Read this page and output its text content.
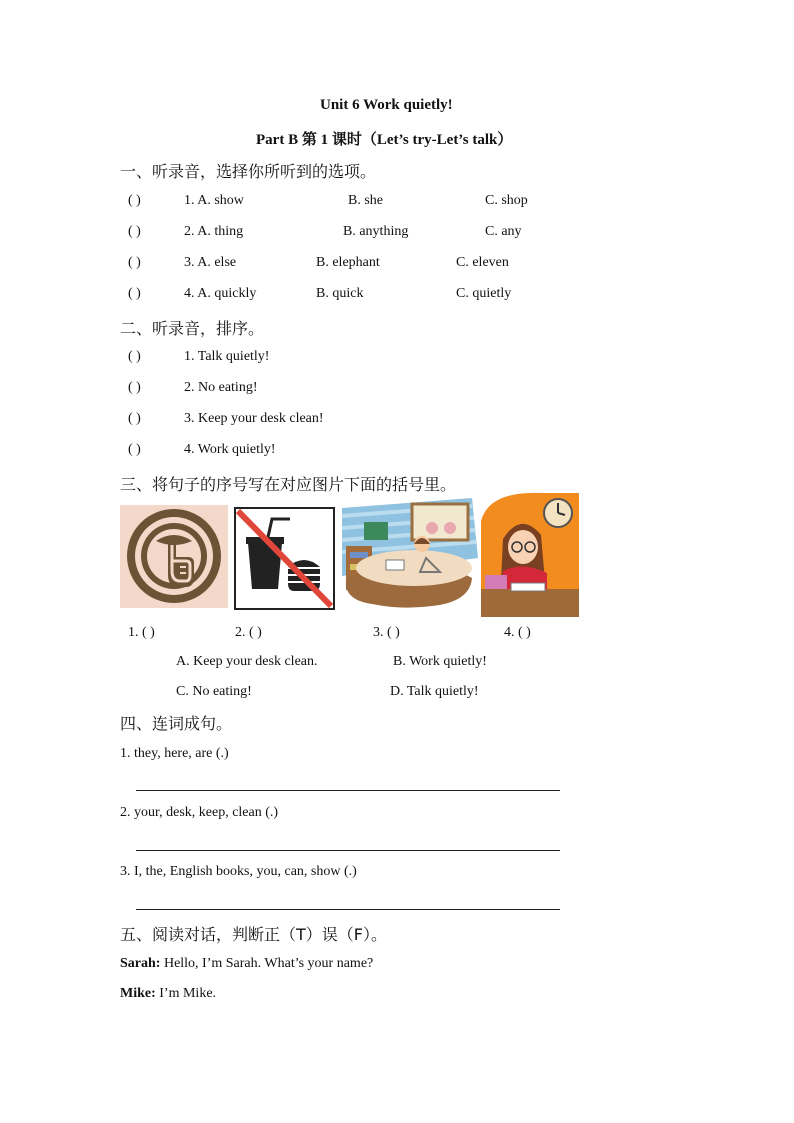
Unit 6 Work quietly!
Part B 第 1 课时（Let’s try-Let’s talk）
一、听录音，选择你所听到的选项。
( )	1. A. show	B. she	C. shop
( )	2. A. thing	B. anything	C. any
( )	3. A. else	B. elephant	C. eleven
( )	4. A. quickly	B. quick	C. quietly
二、听录音，排序。
( )	1. Talk quietly!
( )	2. No eating!
( )	3. Keep your desk clean!
( )	4. Work quietly!
三、将句子的序号写在对应图片下面的括号里。
1. ( )	2. ( )	3. ( )	4. ( )
A. Keep your desk clean.	B. Work quietly!
C. No eating!	D. Talk quietly!
四、连词成句。
1. they, here, are (.)
2. your, desk, keep, clean (.)
3. I, the, English books, you, can, show (.)
五、阅读对话，判断正（T）误（F）。
Sarah: Hello, I’m Sarah. What’s your name?
Mike: I’m Mike.
